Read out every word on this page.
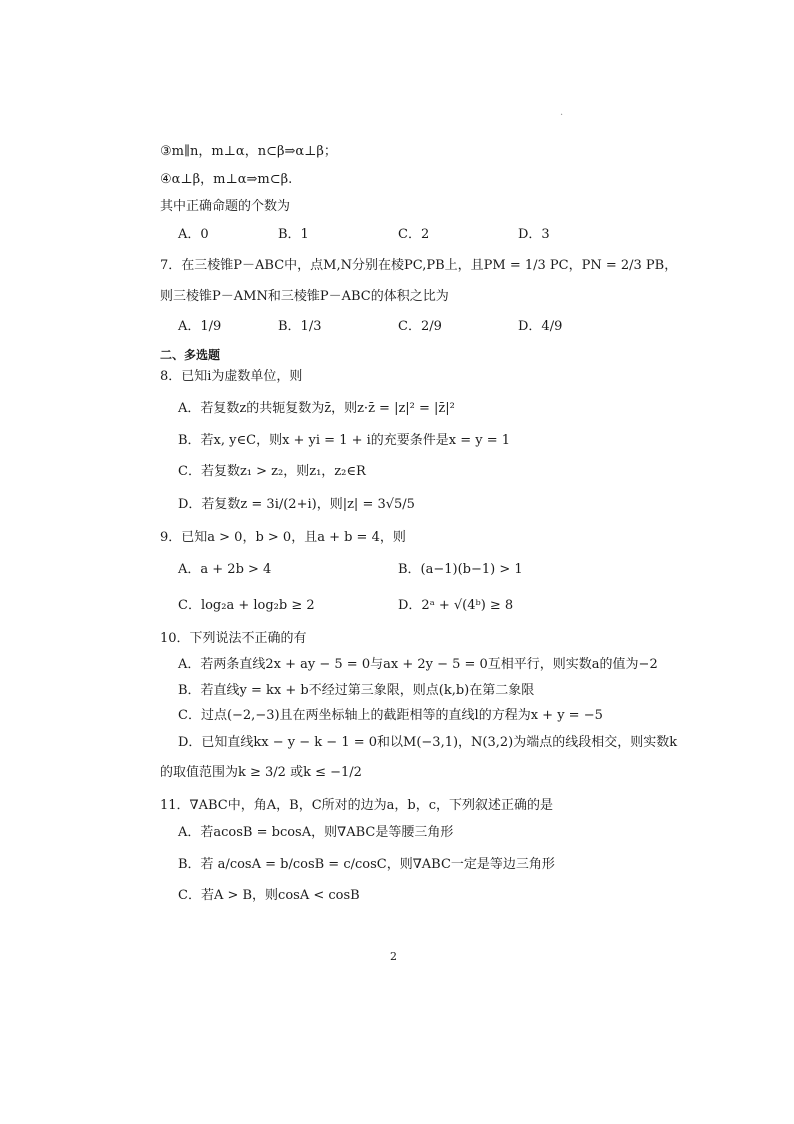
·
③m∥n，m⊥α，n⊂β⇒α⊥β；
④α⊥β，m⊥α⇒m⊂β.
其中正确命题的个数为
A．0	B．1	C．2	D．3
7．在三棱锥P－ABC中，点M,N分别在棱PC,PB上，且PM = 1/3 PC，PN = 2/3 PB，
则三棱锥P－AMN和三棱锥P－ABC的体积之比为
A．1/9	B．1/3	C．2/9	D．4/9
二、多选题
8．已知i为虚数单位，则
A．若复数z的共轭复数为z̄，则z·z̄ = |z|² = |z̄|²
B．若x, y∈C，则x + yi = 1 + i的充要条件是x = y = 1
C．若复数z₁ > z₂，则z₁，z₂∈R
D．若复数z = 3i/(2+i)，则|z| = 3√5/5
9．已知a > 0，b > 0，且a + b = 4，则
A．a + 2b > 4	B．(a−1)(b−1) > 1
C．log₂a + log₂b ≥ 2	D．2ᵃ + √(4ᵇ) ≥ 8
10．下列说法不正确的有
A．若两条直线2x + ay − 5 = 0与ax + 2y − 5 = 0互相平行，则实数a的值为−2
B．若直线y = kx + b不经过第三象限，则点(k,b)在第二象限
C．过点(−2,−3)且在两坐标轴上的截距相等的直线l的方程为x + y = −5
D．已知直线kx − y − k − 1 = 0和以M(−3,1)，N(3,2)为端点的线段相交，则实数k
的取值范围为k ≥ 3/2 或k ≤ −1/2
11．∇ABC中，角A，B，C所对的边为a，b，c，下列叙述正确的是
A．若acosB = bcosA，则∇ABC是等腰三角形
B．若 a/cosA = b/cosB = c/cosC，则∇ABC一定是等边三角形
C．若A > B，则cosA < cosB
2
